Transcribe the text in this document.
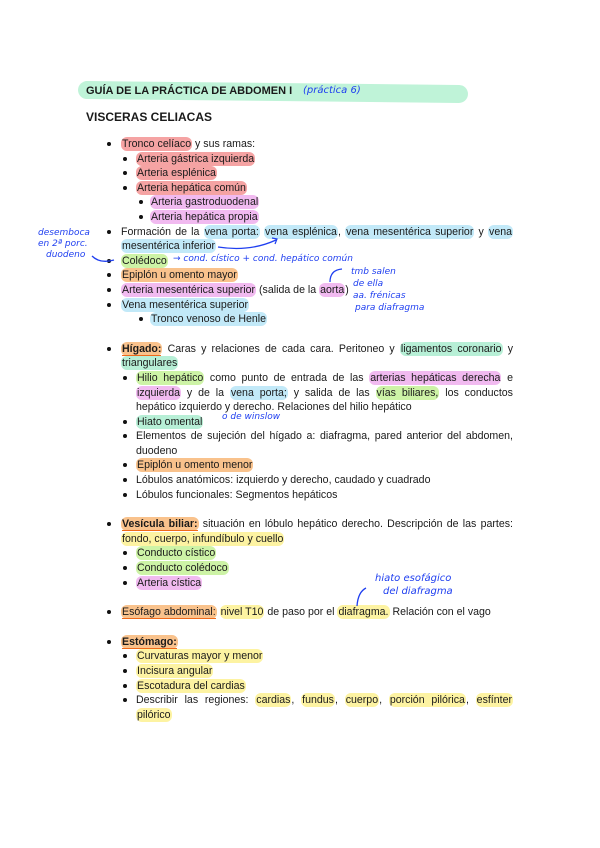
GUÍA DE LA PRÁCTICA DE ABDOMEN I (práctica 6)
VISCERAS CELIACAS
Tronco celíaco y sus ramas:
Arteria gástrica izquierda
Arteria esplénica
Arteria hepática común
Arteria gastroduodenal
Arteria hepática propia
Formación de la vena porta: vena esplénica, vena mesentérica superior y vena mesentérica inferior
Colédoco
Epiplón u omento mayor
Arteria mesentérica superior (salida de la aorta)
Vena mesentérica superior
Tronco venoso de Henle
Hígado: Caras y relaciones de cada cara. Peritoneo y ligamentos coronario y triangulares
Hilio hepático como punto de entrada de las arterias hepáticas derecha e izquierda y de la vena porta; y salida de las vías biliares, los conductos hepático izquierdo y derecho. Relaciones del hilio hepático
Hiato omental
Elementos de sujeción del hígado a: diafragma, pared anterior del abdomen, duodeno
Epiplón u omento menor
Lóbulos anatómicos: izquierdo y derecho, caudado y cuadrado
Lóbulos funcionales: Segmentos hepáticos
Vesícula biliar: situación en lóbulo hepático derecho. Descripción de las partes: fondo, cuerpo, infundíbulo y cuello
Conducto cístico
Conducto colédoco
Arteria cística
Esófago abdominal: nivel T10 de paso por el diafragma. Relación con el vago
Estómago:
Curvaturas mayor y menor
Incisura angular
Escotadura del cardias
Describir las regiones: cardias, fundus, cuerpo, porción pilórica, esfínter pilórico
desemboca
en 2ª porc.
duodeno	→ cond. cístico + cond. hepático común
tmb salen
de ella
aa. frénicas
para diafragma
o de winslow
hiato esofágico
del diafragma
